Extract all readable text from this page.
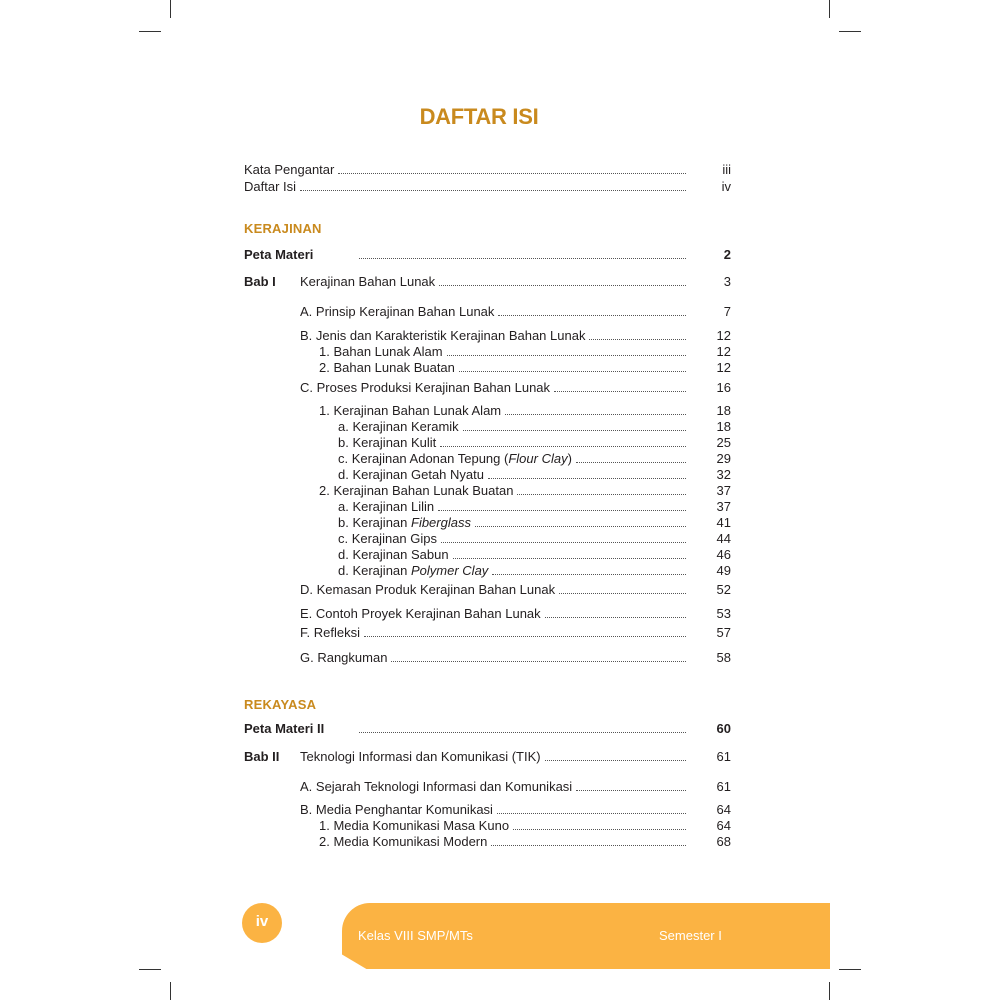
DAFTAR ISI
Kata Pengantar	iii
Daftar Isi	iv
KERAJINAN
Peta Materi	2
Bab I Kerajinan Bahan Lunak	3
A. Prinsip Kerajinan Bahan Lunak	7
B. Jenis dan Karakteristik Kerajinan Bahan Lunak	12
1. Bahan Lunak Alam	12
2. Bahan Lunak Buatan	12
C. Proses Produksi Kerajinan Bahan Lunak	16
1. Kerajinan Bahan Lunak Alam	18
a. Kerajinan Keramik	18
b. Kerajinan Kulit	25
c. Kerajinan Adonan Tepung (Flour Clay)	29
d. Kerajinan Getah Nyatu	32
2. Kerajinan Bahan Lunak Buatan	37
a. Kerajinan Lilin	37
b. Kerajinan Fiberglass	41
c. Kerajinan Gips	44
d. Kerajinan Sabun	46
d. Kerajinan Polymer Clay	49
D. Kemasan Produk Kerajinan Bahan Lunak	52
E. Contoh Proyek Kerajinan Bahan Lunak	53
F. Refleksi	57
G. Rangkuman	58
REKAYASA
Peta Materi II	60
Bab II Teknologi Informasi dan Komunikasi (TIK)	61
A. Sejarah Teknologi Informasi dan Komunikasi	61
B. Media Penghantar Komunikasi	64
1. Media Komunikasi Masa Kuno	64
2. Media Komunikasi Modern	68
iv
Kelas VIII SMP/MTs	Semester I
